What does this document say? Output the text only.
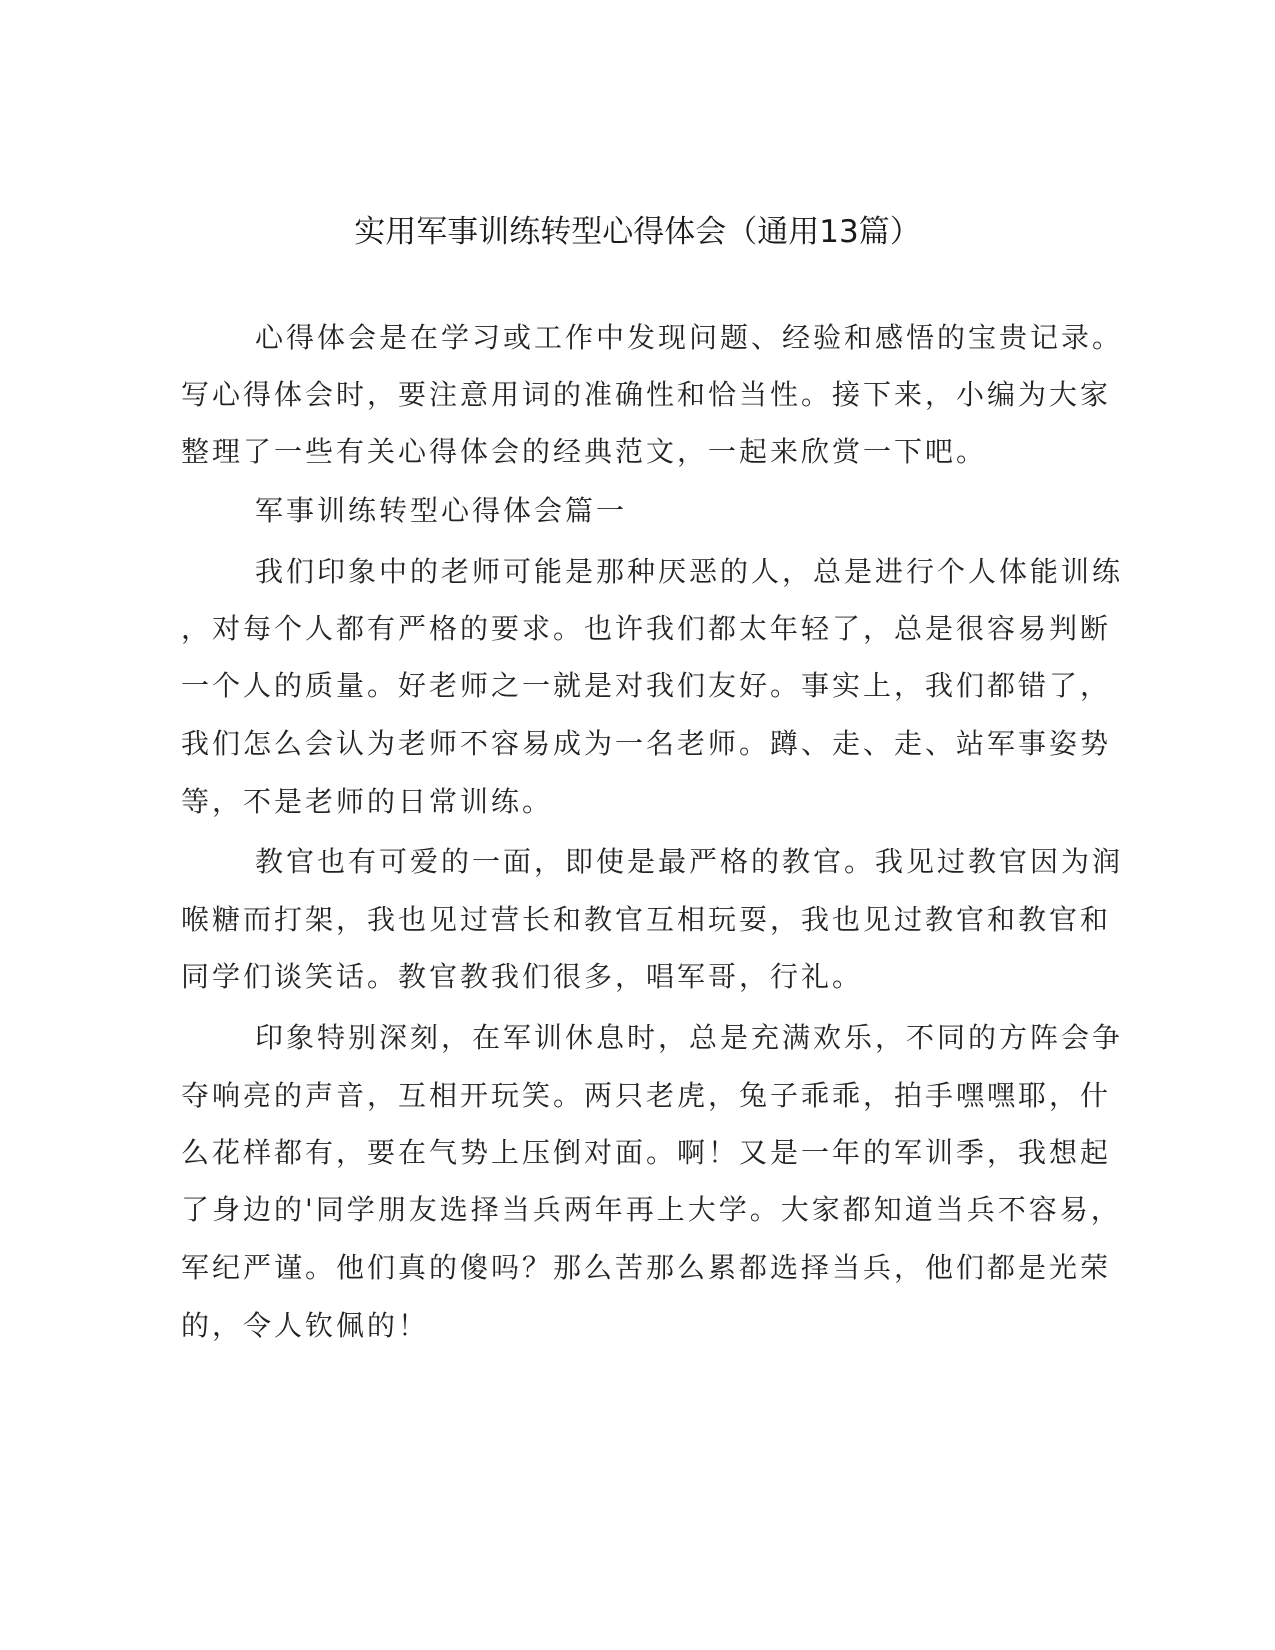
实用军事训练转型心得体会（通用13篇）

心得体会是在学习或工作中发现问题、经验和感悟的宝贵记录。

写心得体会时，要注意用词的准确性和恰当性。接下来，小编为大家

整理了一些有关心得体会的经典范文，一起来欣赏一下吧。

军事训练转型心得体会篇一

我们印象中的老师可能是那种厌恶的人，总是进行个人体能训练

，对每个人都有严格的要求。也许我们都太年轻了，总是很容易判断

一个人的质量。好老师之一就是对我们友好。事实上，我们都错了，

我们怎么会认为老师不容易成为一名老师。蹲、走、走、站军事姿势

等，不是老师的日常训练。

教官也有可爱的一面，即使是最严格的教官。我见过教官因为润

喉糖而打架，我也见过营长和教官互相玩耍，我也见过教官和教官和

同学们谈笑话。教官教我们很多，唱军哥，行礼。

印象特别深刻，在军训休息时，总是充满欢乐，不同的方阵会争

夺响亮的声音，互相开玩笑。两只老虎，兔子乖乖，拍手嘿嘿耶，什

么花样都有，要在气势上压倒对面。啊！又是一年的军训季，我想起

了身边的'同学朋友选择当兵两年再上大学。大家都知道当兵不容易，

军纪严谨。他们真的傻吗？那么苦那么累都选择当兵，他们都是光荣

的，令人钦佩的！
